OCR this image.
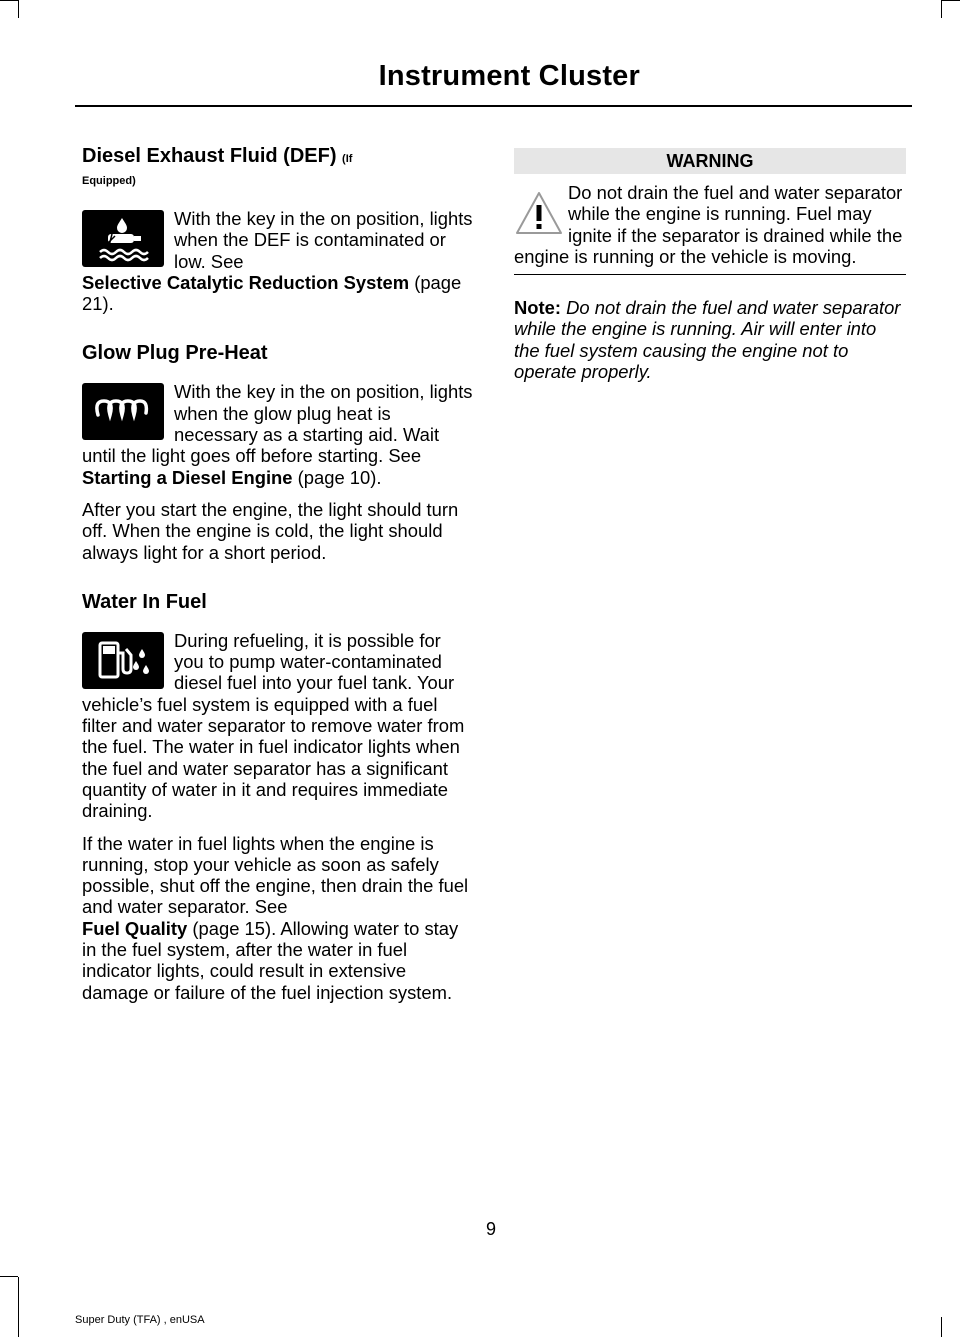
Instrument Cluster
Diesel Exhaust Fluid (DEF) (If
Equipped)

With the key in the on position, lights when the DEF is contaminated or low. See
Selective Catalytic Reduction System (page 21).

Glow Plug Pre-Heat

With the key in the on position, lights when the glow plug heat is necessary as a starting aid. Wait until the light goes off before starting. See Starting a Diesel Engine (page 10).

After you start the engine, the light should turn off. When the engine is cold, the light should always light for a short period.

Water In Fuel

During refueling, it is possible for you to pump water-contaminated diesel fuel into your fuel tank. Your vehicle’s fuel system is equipped with a fuel filter and water separator to remove water from the fuel. The water in fuel indicator lights when the fuel and water separator has a significant quantity of water in it and requires immediate draining.

If the water in fuel lights when the engine is running, stop your vehicle as soon as safely possible, shut off the engine, then drain the fuel and water separator. See
Fuel Quality (page 15). Allowing water to stay in the fuel system, after the water in fuel indicator lights, could result in extensive damage or failure of the fuel injection system.

WARNING

Do not drain the fuel and water separator while the engine is running. Fuel may ignite if the separator is drained while the engine is running or the vehicle is moving.

Note: Do not drain the fuel and water separator while the engine is running. Air will enter into the fuel system causing the engine not to operate properly.

9
Super Duty (TFA) , enUSA
